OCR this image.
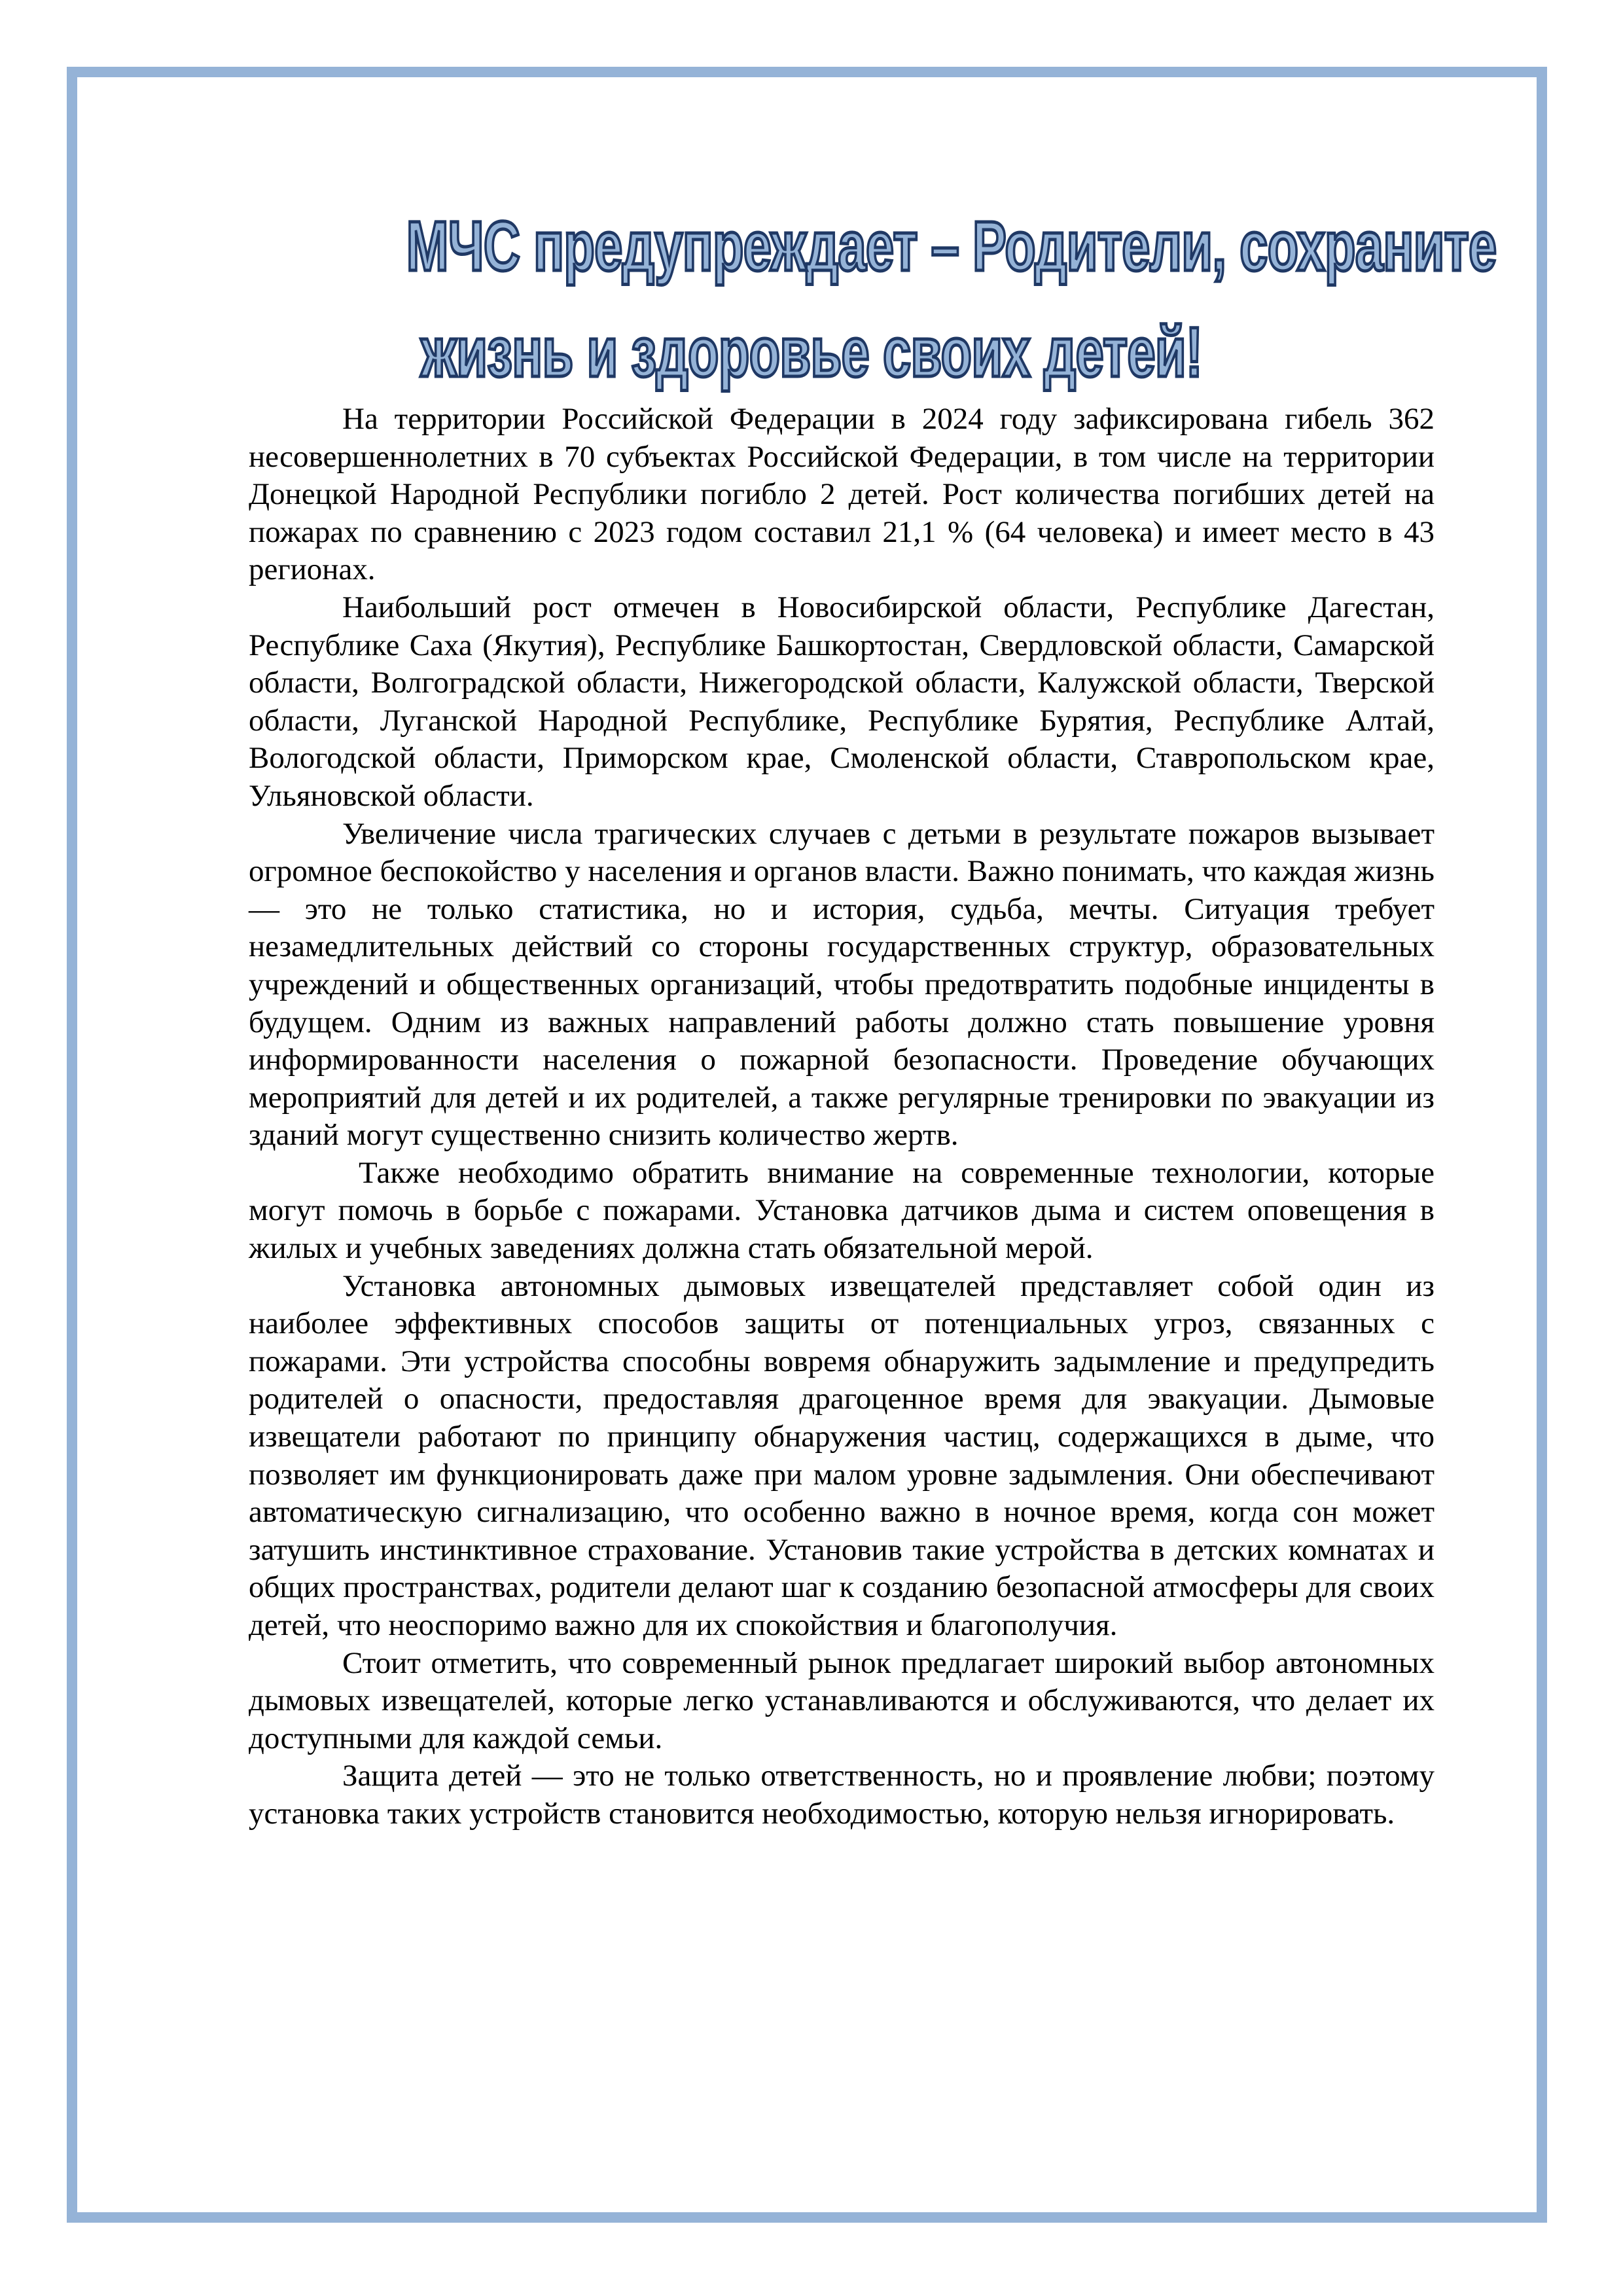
МЧС предупреждает – Родители, сохраните
жизнь и здоровье своих детей!

На территории Российской Федерации в 2024 году зафиксирована гибель 362 несовершеннолетних в 70 субъектах Российской Федерации, в том числе на территории Донецкой Народной Республики погибло 2 детей. Рост количества погибших детей на пожарах по сравнению с 2023 годом составил 21,1 % (64 человека) и имеет место в 43 регионах.

Наибольший рост отмечен в Новосибирской области, Республике Дагестан, Республике Саха (Якутия), Республике Башкортостан, Свердловской области, Самарской области, Волгоградской области, Нижегородской области, Калужской области, Тверской области, Луганской Народной Республике, Республике Бурятия, Республике Алтай, Вологодской области, Приморском крае, Смоленской области, Ставропольском крае, Ульяновской области.

Увеличение числа трагических случаев с детьми в результате пожаров вызывает огромное беспокойство у населения и органов власти. Важно понимать, что каждая жизнь — это не только статистика, но и история, судьба, мечты. Ситуация требует незамедлительных действий со стороны государственных структур, образовательных учреждений и общественных организаций, чтобы предотвратить подобные инциденты в будущем. Одним из важных направлений работы должно стать повышение уровня информированности населения о пожарной безопасности. Проведение обучающих мероприятий для детей и их родителей, а также регулярные тренировки по эвакуации из зданий могут существенно снизить количество жертв.

Также необходимо обратить внимание на современные технологии, которые могут помочь в борьбе с пожарами. Установка датчиков дыма и систем оповещения в жилых и учебных заведениях должна стать обязательной мерой.

Установка автономных дымовых извещателей представляет собой один из наиболее эффективных способов защиты от потенциальных угроз, связанных с пожарами. Эти устройства способны вовремя обнаружить задымление и предупредить родителей о опасности, предоставляя драгоценное время для эвакуации. Дымовые извещатели работают по принципу обнаружения частиц, содержащихся в дыме, что позволяет им функционировать даже при малом уровне задымления. Они обеспечивают автоматическую сигнализацию, что особенно важно в ночное время, когда сон может затушить инстинктивное страхование. Установив такие устройства в детских комнатах и общих пространствах, родители делают шаг к созданию безопасной атмосферы для своих детей, что неоспоримо важно для их спокойствия и благополучия.

Стоит отметить, что современный рынок предлагает широкий выбор автономных дымовых извещателей, которые легко устанавливаются и обслуживаются, что делает их доступными для каждой семьи.

Защита детей — это не только ответственность, но и проявление любви; поэтому установка таких устройств становится необходимостью, которую нельзя игнорировать.
